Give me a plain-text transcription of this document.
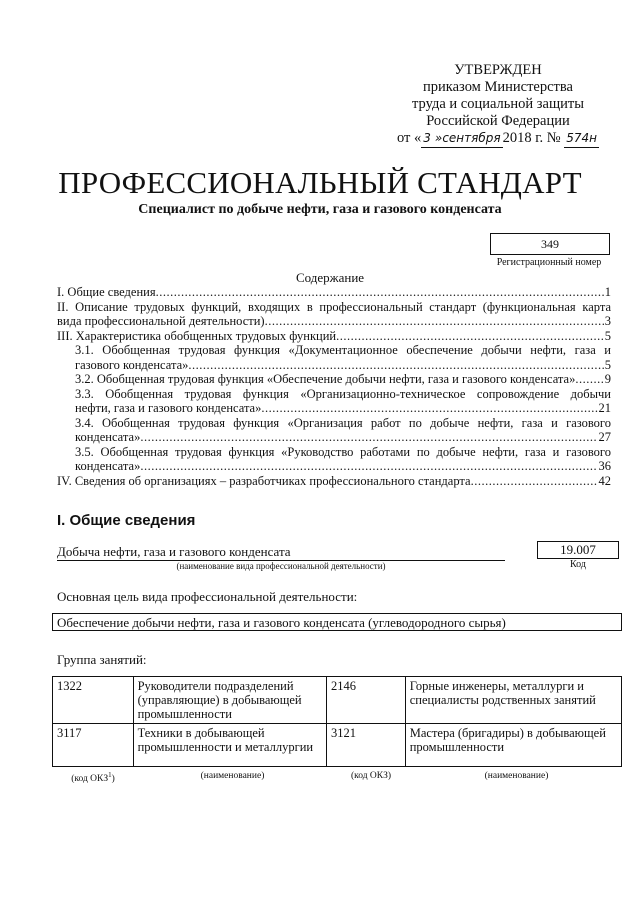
УТВЕРЖДЕН
приказом Министерства
труда и социальной защиты
Российской Федерации
от « 3 »сентября 2018 г. № 574н
ПРОФЕССИОНАЛЬНЫЙ СТАНДАРТ
Специалист по добыче нефти, газа и газового конденсата
349
Регистрационный номер
Содержание
I. Общие сведения .....	1
II. Описание трудовых функций, входящих в профессиональный стандарт (функциональная карта
вида профессиональной деятельности) .....	3
III. Характеристика обобщенных трудовых функций .....	5
3.1. Обобщенная трудовая функция «Документационное обеспечение добычи нефти, газа и
газового конденсата» .....	5
3.2. Обобщенная трудовая функция «Обеспечение добычи нефти, газа и газового конденсата» ..... 9
3.3. Обобщенная трудовая функция «Организационно-техническое сопровождение добычи
нефти, газа и газового конденсата» .....	21
3.4. Обобщенная трудовая функция «Организация работ по добыче нефти, газа и газового
конденсата» .....	27
3.5. Обобщенная трудовая функция «Руководство работами по добыче нефти, газа и газового
конденсата» .....	36
IV. Сведения об организациях – разработчиках профессионального стандарта .....	42
I. Общие сведения
Добыча нефти, газа и газового конденсата
(наименование вида профессиональной деятельности)
19.007
Код
Основная цель вида профессиональной деятельности:
Обеспечение добычи нефти, газа и газового конденсата (углеводородного сырья)
Группа занятий:
1322	Руководители подразделений (управляющие) в добывающей промышленности	2146	Горные инженеры, металлурги и специалисты родственных занятий
3117	Техники в добывающей промышленности и металлургии	3121	Мастера (бригадиры) в добывающей промышленности
(код ОКЗ$^1$)	(наименование)	(код ОКЗ)	(наименование)
